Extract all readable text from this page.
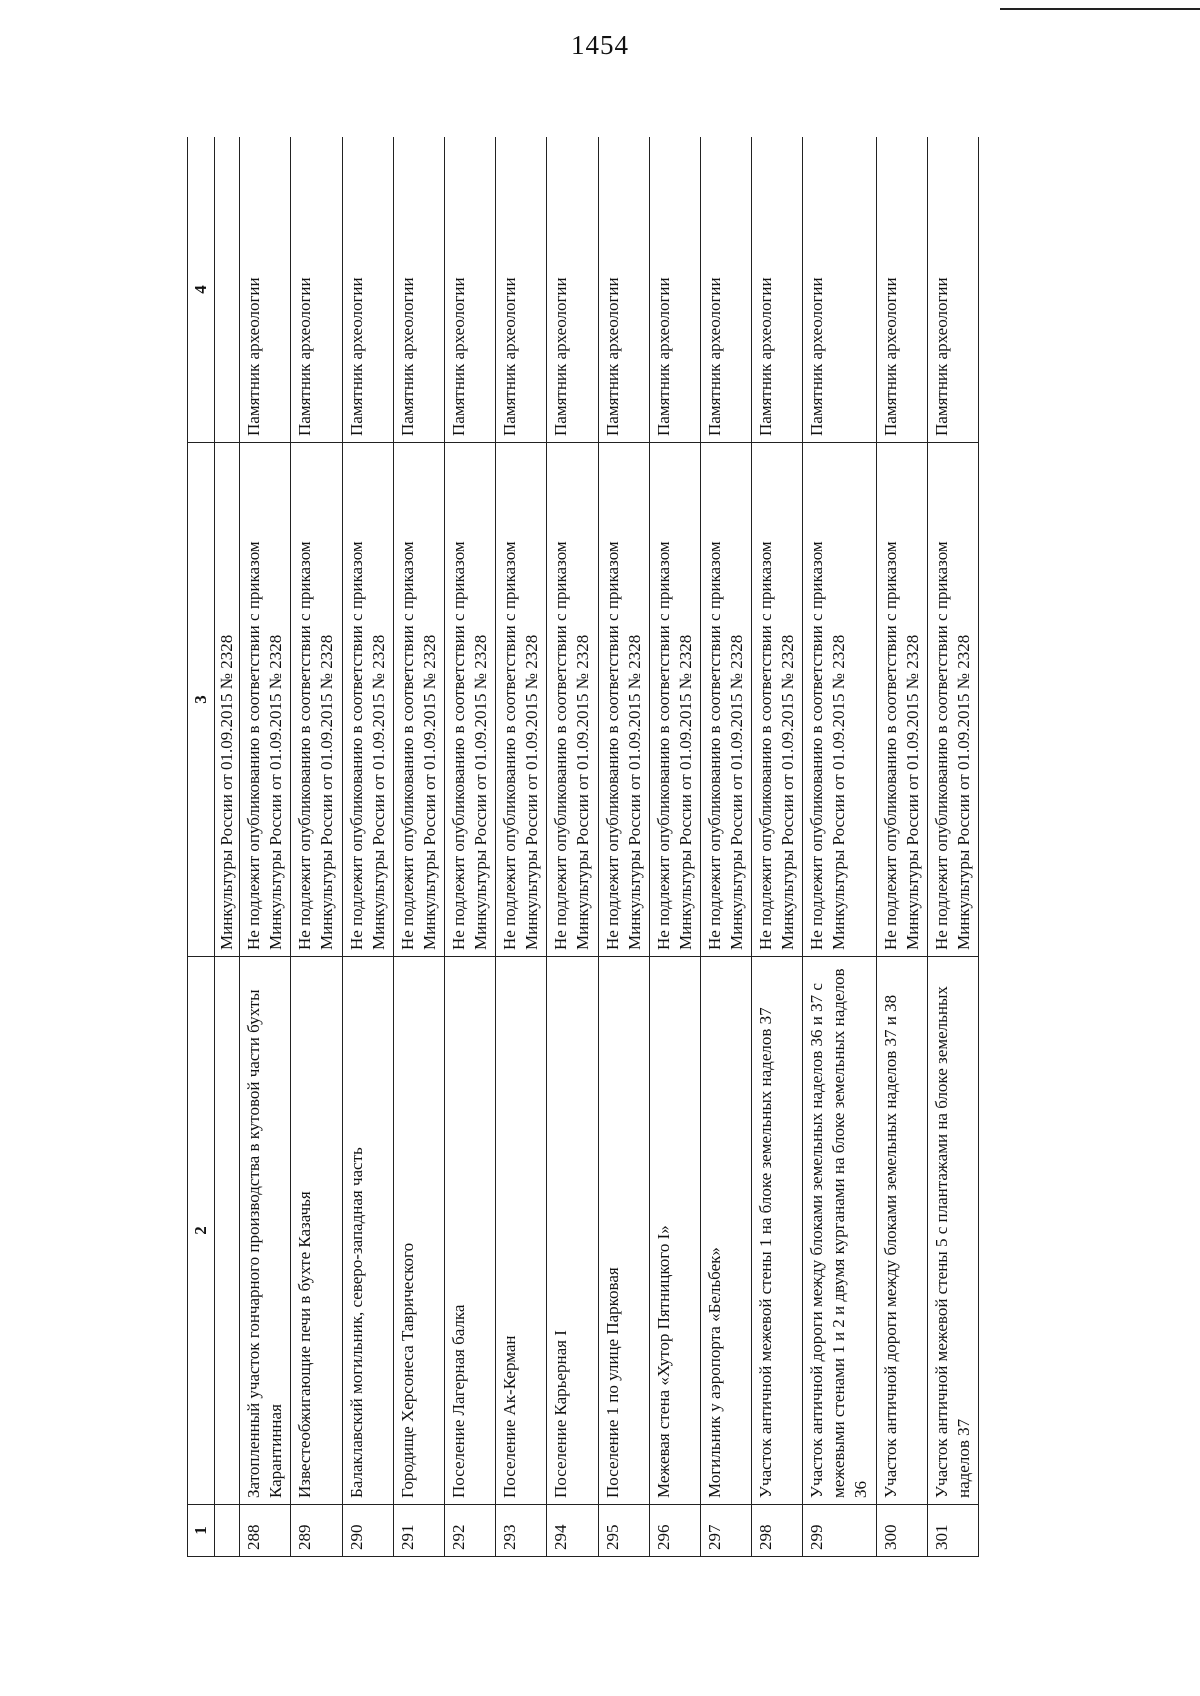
1454
1	2	3	4
		Минкультуры России от 01.09.2015 № 2328	
288	Затопленный участок гончарного производства в кутовой части бухты Карантинная	Не подлежит опубликованию в соответствии с приказом Минкультуры России от 01.09.2015 № 2328	Памятник археологии
289	Известеобжигающие печи в бухте Казачья	Не подлежит опубликованию в соответствии с приказом Минкультуры России от 01.09.2015 № 2328	Памятник археологии
290	Балаклавский могильник, северо-западная часть	Не подлежит опубликованию в соответствии с приказом Минкультуры России от 01.09.2015 № 2328	Памятник археологии
291	Городище Херсонеса Таврического	Не подлежит опубликованию в соответствии с приказом Минкультуры России от 01.09.2015 № 2328	Памятник археологии
292	Поселение Лагерная балка	Не подлежит опубликованию в соответствии с приказом Минкультуры России от 01.09.2015 № 2328	Памятник археологии
293	Поселение Ак-Керман	Не подлежит опубликованию в соответствии с приказом Минкультуры России от 01.09.2015 № 2328	Памятник археологии
294	Поселение Карьерная I	Не подлежит опубликованию в соответствии с приказом Минкультуры России от 01.09.2015 № 2328	Памятник археологии
295	Поселение 1 по улице Парковая	Не подлежит опубликованию в соответствии с приказом Минкультуры России от 01.09.2015 № 2328	Памятник археологии
296	Межевая стена «Хутор Пятницкого I»	Не подлежит опубликованию в соответствии с приказом Минкультуры России от 01.09.2015 № 2328	Памятник археологии
297	Могильник у аэропорта «Бельбек»	Не подлежит опубликованию в соответствии с приказом Минкультуры России от 01.09.2015 № 2328	Памятник археологии
298	Участок античной межевой стены 1 на блоке земельных наделов 37	Не подлежит опубликованию в соответствии с приказом Минкультуры России от 01.09.2015 № 2328	Памятник археологии
299	Участок античной дороги между блоками земельных наделов 36 и 37 с межевыми стенами 1 и 2 и двумя курганами на блоке земельных наделов 36	Не подлежит опубликованию в соответствии с приказом Минкультуры России от 01.09.2015 № 2328	Памятник археологии
300	Участок античной дороги между блоками земельных наделов 37 и 38	Не подлежит опубликованию в соответствии с приказом Минкультуры России от 01.09.2015 № 2328	Памятник археологии
301	Участок античной межевой стены 5 с плантажами на блоке земельных наделов 37	Не подлежит опубликованию в соответствии с приказом Минкультуры России от 01.09.2015 № 2328	Памятник археологии
